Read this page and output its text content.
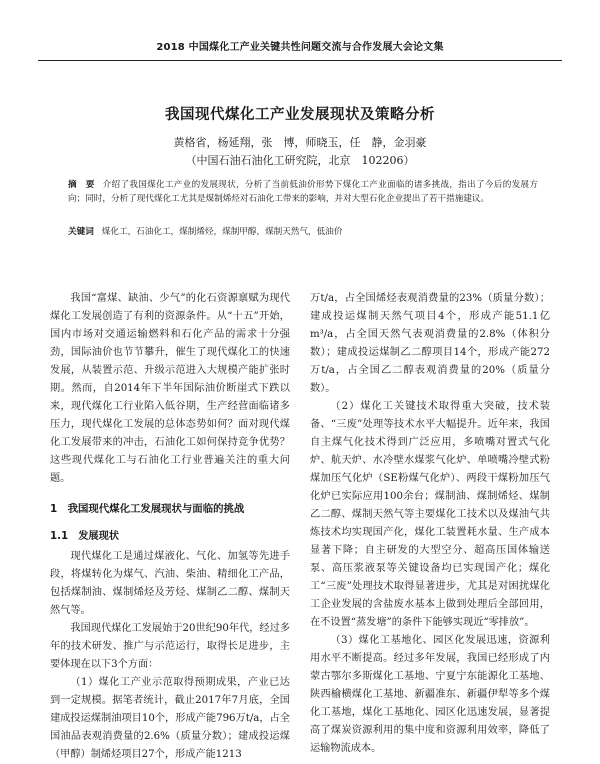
2018 中国煤化工产业关键共性问题交流与合作发展大会论文集
我国现代煤化工产业发展现状及策略分析
黄格省，杨延翔，张　博，师晓玉，任　静，金羽豪
（中国石油石油化工研究院，北京　102206）
摘　要 介绍了我国煤化工产业的发展现状，分析了当前低油价形势下煤化工产业面临的诸多挑战，指出了今后的发展方向；同时，分析了现代煤化工尤其是煤制烯烃对石油化工带来的影响，并对大型石化企业提出了若干措施建议。
关键词 煤化工，石油化工，煤制烯烃，煤制甲醇，煤制天然气，低油价

我国“富煤、缺油、少气”的化石资源禀赋为现代煤化工发展创造了有利的资源条件。从“十五”开始，国内市场对交通运输燃料和石化产品的需求十分强劲，国际油价也节节攀升，催生了现代煤化工的快速发展，从装置示范、升级示范进入大规模产能扩张时期。然而，自2014年下半年国际油价断崖式下跌以来，现代煤化工行业陷入低谷期，生产经营面临诸多压力，现代煤化工发展的总体态势如何？面对现代煤化工发展带来的冲击，石油化工如何保持竞争优势？这些现代煤化工与石油化工行业普遍关注的重大问题。

1　我国现代煤化工发展现状与面临的挑战
1.1　发展现状

现代煤化工是通过煤液化、气化、加氢等先进手段，将煤转化为煤气、汽油、柴油、精细化工产品，包括煤制油、煤制烯烃及芳烃、煤制乙二醇、煤制天然气等。

我国现代煤化工发展始于20世纪90年代，经过多年的技术研发、推广与示范运行，取得长足进步，主要体现在以下3个方面：

（1）煤化工产业示范取得预期成果，产业已达到一定规模。据笔者统计，截止2017年7月底，全国建成投运煤制油项目10个，形成产能796万t/a，占全国油品表观消费量的2.6%（质量分数）；建成投运煤（甲醇）制烯烃项目27个，形成产能1213

万t/a，占全国烯烃表观消费量的23%（质量分数）；建成投运煤制天然气项目4个，形成产能51.1亿m³/a，占全国天然气表观消费量的2.8%（体积分数）；建成投运煤制乙二醇项目14个，形成产能272万t/a，占全国乙二醇表观消费量的20%（质量分数）。

（2）煤化工关键技术取得重大突破，技术装备、“三废”处理等技术水平大幅提升。近年来，我国自主煤气化技术得到广泛应用，多喷嘴对置式气化炉、航天炉、水冷壁水煤浆气化炉、单喷嘴冷壁式粉煤加压气化炉（SE粉煤气化炉）、两段干煤粉加压气化炉已实际应用100余台；煤制油、煤制烯烃、煤制乙二醇、煤制天然气等主要煤化工技术以及煤油气共炼技术均实现国产化，煤化工装置耗水量、生产成本显著下降；自主研发的大型空分、超高压国体输送泵、高压浆液泵等关键设备均已实现国产化；煤化工“三废”处理技术取得显著进步，尤其是对困扰煤化工企业发展的含盐废水基本上做到处理后全部回用，在不设置“蒸发塘”的条件下能够实现近“零排放”。

（3）煤化工基地化、园区化发展迅速，资源利用水平不断提高。经过多年发展，我国已经形成了内蒙古鄂尔多斯煤化工基地、宁夏宁东能源化工基地、陕西榆横煤化工基地、新疆准东、新疆伊犁等多个煤化工基地，煤化工基地化、园区化迅速发展，显著提高了煤炭资源利用的集中度和资源利用效率，降低了运输物流成本。
